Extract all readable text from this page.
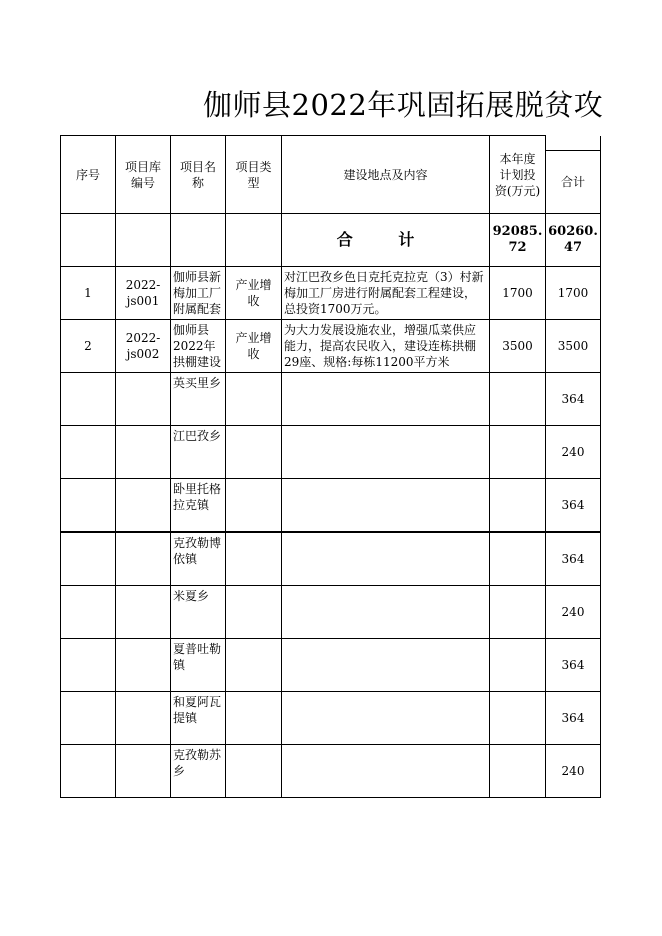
伽师县2022年巩固拓展脱贫攻
序号	项目库编号	项目名称	项目类型	建设地点及内容	本年度计划投资(万元)	合计

				合 计	92085.72	60260.47

1	2022-js001	伽师县新梅加工厂附属配套	产业增收	对江巴孜乡色日克托克拉克（3）村新梅加工厂房进行附属配套工程建设，总投资1700万元。	1700	1700

2	2022-js002	伽师县2022年拱棚建设	产业增收	为大力发展设施农业，增强瓜菜供应能力，提高农民收入，建设连栋拱棚29座、规格:每栋11200平方米	3500	3500

		英买里乡				364

		江巴孜乡				240

		卧里托格拉克镇				364

		克孜勒博依镇				364

		米夏乡				240

		夏普吐勒镇				364

		和夏阿瓦提镇				364

		克孜勒苏乡				240
